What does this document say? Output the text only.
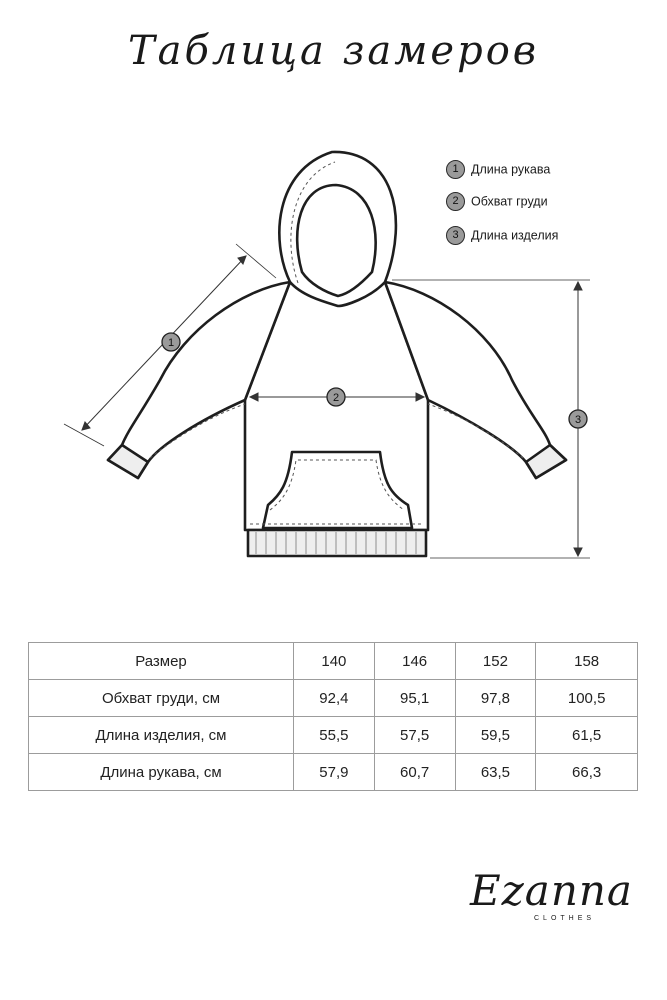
Таблица замеров
1
2
3
1 Длина рукава
2 Обхват груди
3 Длина изделия
Размер	140	146	152	158
Обхват груди, см	92,4	95,1	97,8	100,5
Длина изделия, см	55,5	57,5	59,5	61,5
Длина рукава, см	57,9	60,7	63,5	66,3
Ezanna
CLOTHES
